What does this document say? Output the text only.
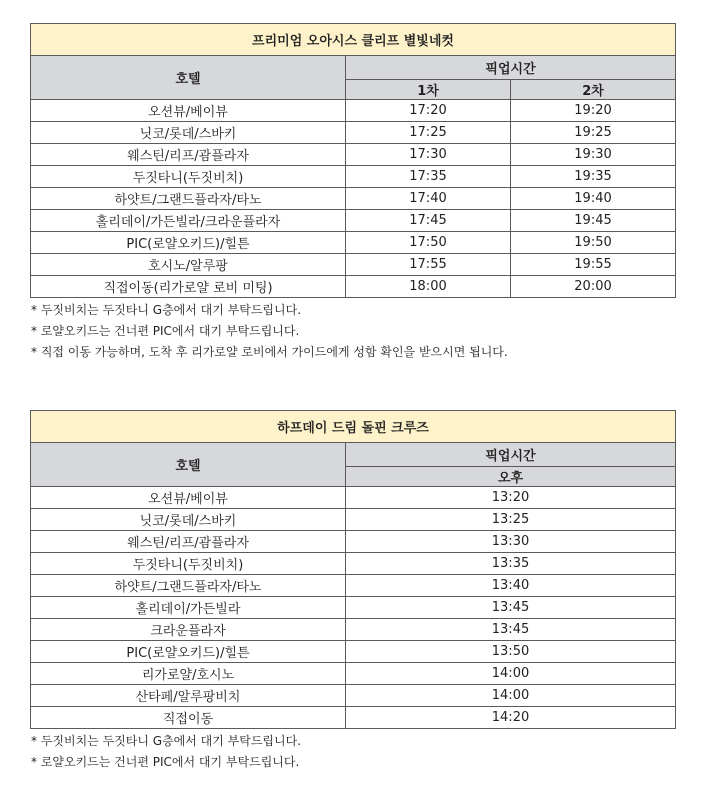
프리미엄 오아시스 클리프 별빛네컷		
호텔	픽업시간	
	1차	2차
오션뷰/베이뷰	17:20	19:20
닛코/롯데/스바키	17:25	19:25
웨스틴/리프/괌플라자	17:30	19:30
두짓타니(두짓비치)	17:35	19:35
하얏트/그랜드플라자/타노	17:40	19:40
홀리데이/가든빌라/크라운플라자	17:45	19:45
PIC(로얄오키드)/힐튼	17:50	19:50
호시노/알루팡	17:55	19:55
직접이동(리가로얄 로비 미팅)	18:00	20:00
* 두짓비치는 두짓타니 G층에서 대기 부탁드립니다.
* 로얄오키드는 건너편 PIC에서 대기 부탁드립니다.
* 직접 이동 가능하며, 도착 후 리가로얄 로비에서 가이드에게 성함 확인을 받으시면 됩니다.
하프데이 드림 돌핀 크루즈	
호텔	픽업시간
	오후
오션뷰/베이뷰	13:20
닛코/롯데/스바키	13:25
웨스틴/리프/괌플라자	13:30
두짓타니(두짓비치)	13:35
하얏트/그랜드플라자/타노	13:40
홀리데이/가든빌라	13:45
크라운플라자	13:45
PIC(로얄오키드)/힐튼	13:50
리가로얄/호시노	14:00
산타페/알루팡비치	14:00
직접이동	14:20
* 두짓비치는 두짓타니 G층에서 대기 부탁드립니다.
* 로얄오키드는 건너편 PIC에서 대기 부탁드립니다.
